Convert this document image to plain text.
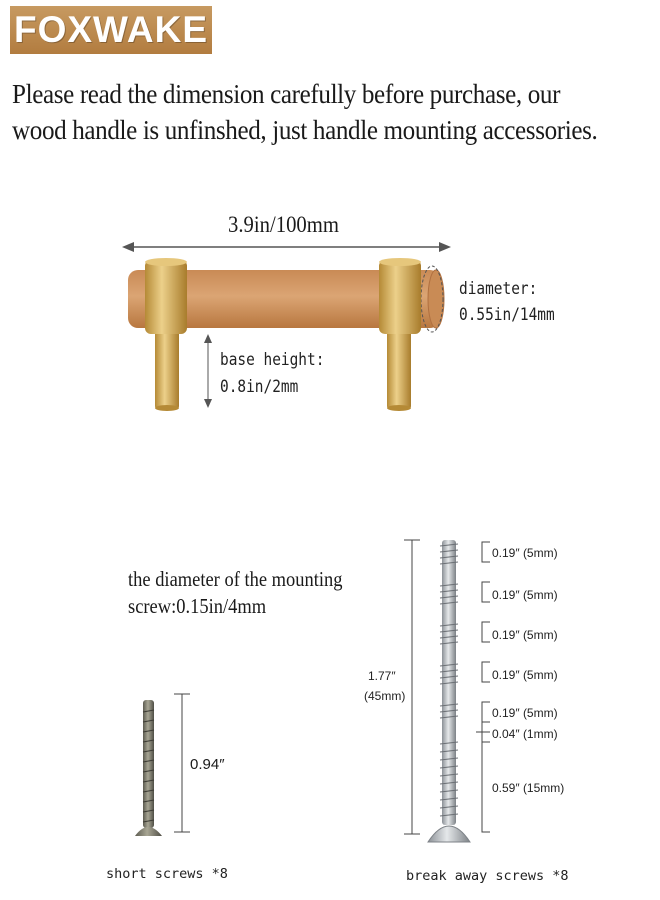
FOXWAKE
Please read the dimension carefully before purchase, our wood handle is unfinshed, just handle mounting accessories.
3.9in/100mm
diameter:
0.55in/14mm
base height:
0.8in/2mm
the diameter of the mounting
screw:0.15in/4mm
0.94″
short screws *8
1.77″
(45mm)
0.19″ (5mm)
0.19″ (5mm)
0.19″ (5mm)
0.19″ (5mm)
0.19″ (5mm)
0.04″ (1mm)
0.59″ (15mm)
break away screws *8
